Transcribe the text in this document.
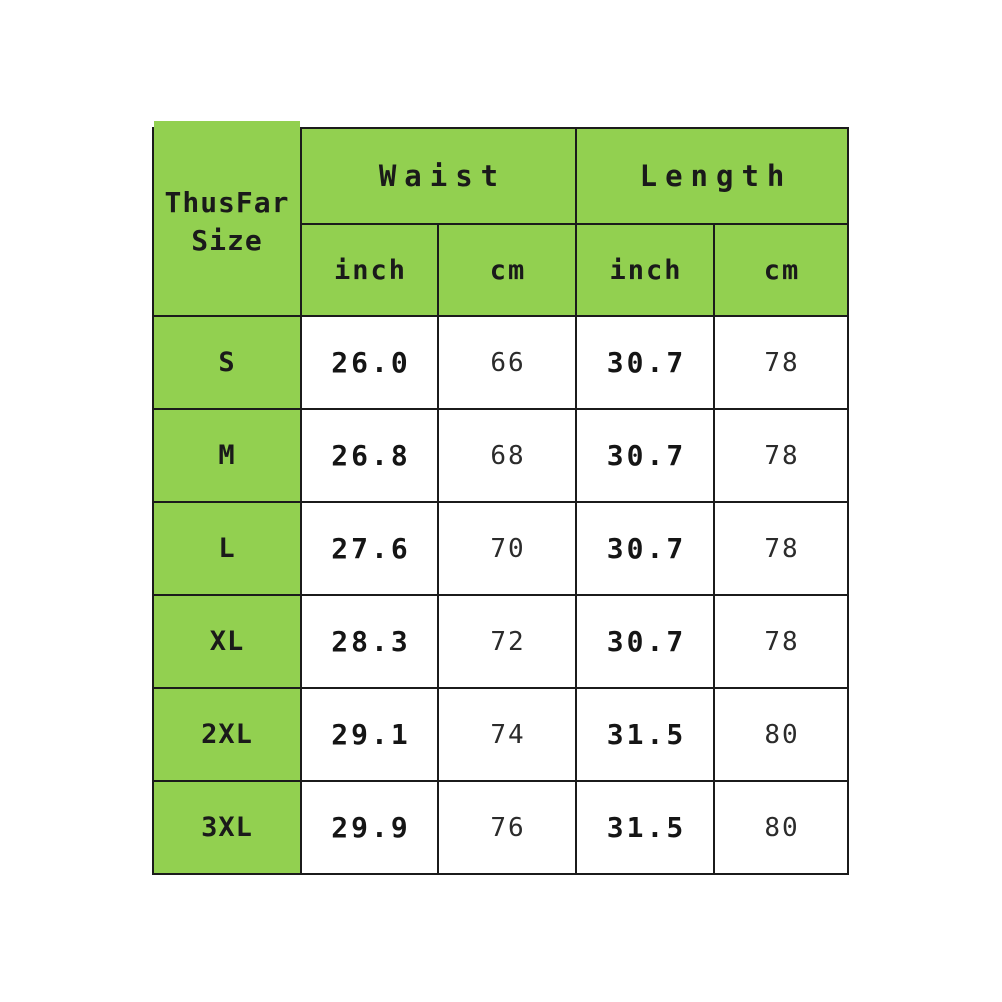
ThusFar
Size	Waist		Length	
	inch	cm	inch	cm
S	26.0	66	30.7	78
M	26.8	68	30.7	78
L	27.6	70	30.7	78
XL	28.3	72	30.7	78
2XL	29.1	74	31.5	80
3XL	29.9	76	31.5	80
